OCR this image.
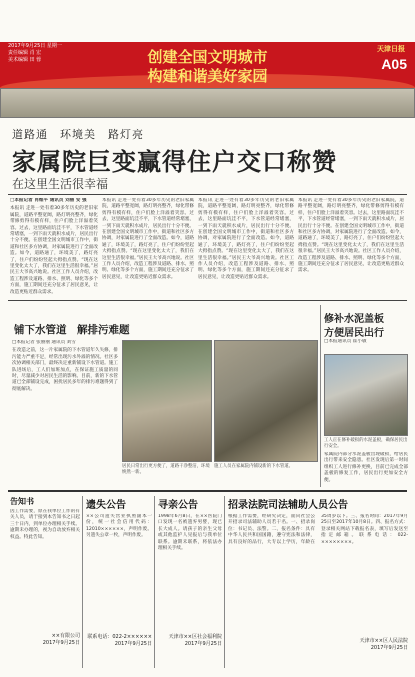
创建全国文明城市
构建和谐美好家园
2017年9月25日 星期一
责任编辑 肖 宏
美术编辑 田 蓉
天津日报
A05
道路通　环境美　路灯亮
家属院巨变赢得住户交口称赞
在这里生活很幸福
□本报记者 肖维平 通讯员 刘丽 安 强
本报讯 走进一处有着30多年历史的老旧家属院，道路平整宽阔，路灯明亮整齐，绿化带修剪得有模有样，住户们脸上洋溢着笑容。过去，这里路面坑洼不平，下水管道经常堵塞，一到下雨天就积水成片，居民出行十分不便。在创建全国文明城市工作中，街道和社区多方协调，对家属院进行了全面改造。如今，道路通了，环境美了，路灯亮了，住户们纷纷竖起大拇指点赞。“现在这里变化太大了，我们在这里生活很幸福。”居民王大爷高兴地说。社区工作人员介绍，改造工程涉及道路、排水、照明、绿化等多个方面，施工期间还充分征求了居民意见，让改造更贴近群众需求。
本报讯 走进一处有着30多年历史的老旧家属院，道路平整宽阔，路灯明亮整齐，绿化带修剪得有模有样，住户们脸上洋溢着笑容。过去，这里路面坑洼不平，下水管道经常堵塞，一到下雨天就积水成片，居民出行十分不便。在创建全国文明城市工作中，街道和社区多方协调，对家属院进行了全面改造。如今，道路通了，环境美了，路灯亮了，住户们纷纷竖起大拇指点赞。“现在这里变化太大了，我们在这里生活很幸福。”居民王大爷高兴地说。社区工作人员介绍，改造工程涉及道路、排水、照明、绿化等多个方面，施工期间还充分征求了居民意见，让改造更贴近群众需求。
本报讯 走进一处有着30多年历史的老旧家属院，道路平整宽阔，路灯明亮整齐，绿化带修剪得有模有样，住户们脸上洋溢着笑容。过去，这里路面坑洼不平，下水管道经常堵塞，一到下雨天就积水成片，居民出行十分不便。在创建全国文明城市工作中，街道和社区多方协调，对家属院进行了全面改造。如今，道路通了，环境美了，路灯亮了，住户们纷纷竖起大拇指点赞。“现在这里变化太大了，我们在这里生活很幸福。”居民王大爷高兴地说。社区工作人员介绍，改造工程涉及道路、排水、照明、绿化等多个方面，施工期间还充分征求了居民意见，让改造更贴近群众需求。
本报讯 走进一处有着30多年历史的老旧家属院，道路平整宽阔，路灯明亮整齐，绿化带修剪得有模有样，住户们脸上洋溢着笑容。过去，这里路面坑洼不平，下水管道经常堵塞，一到下雨天就积水成片，居民出行十分不便。在创建全国文明城市工作中，街道和社区多方协调，对家属院进行了全面改造。如今，道路通了，环境美了，路灯亮了，住户们纷纷竖起大拇指点赞。“现在这里变化太大了，我们在这里生活很幸福。”居民王大爷高兴地说。社区工作人员介绍，改造工程涉及道路、排水、照明、绿化等多个方面，施工期间还充分征求了居民意见，让改造更贴近群众需求。
铺下水管道　解排污难题
□本报记者 张丽丽 通讯员 刘雪
在改造之前，这一片家属院的下水管道年久失修，排污能力严重不足，经常出现污水外溢的情况。社区多次协调相关部门，最终决定重新铺设下水管道。施工队进场后，工人们加班加点，在保证施工质量的同时，尽量减少对居民生活的影响。目前，新的下水管道已全部铺设完成，困扰居民多年的排污难题得到了彻底解决。
居民日常出行更方便了，道路干净整洁，环境焕然一新。
施工人员在家属院内铺设新的下水管道。
修补水泥盖板
方便居民出行
□本报通讯员 霍小敏
工人正在修补破损的水泥盖板，确保居民出行安全。
家属院内部分水泥盖板出现破损，给居民出行带来安全隐患。社区发现后第一时间组织工人进行修补更换，目前已完成全部盖板的修复工作，居民出行更加安全方便。
告知书
因工作需要，原在我单位工作的有关人员，请于接到本告知书之日起三十日内，到单位办理相关手续。逾期未办理的，视为自动放弃相关权益。特此告知。
××有限公司
2017年9月25日
遗失公告
××公司遗失营业执照副本一份，统一社会信用代码：12010××××××，声明作废。另遗失公章一枚，声明作废。
联系电话：022-2××××××
2017年9月25日
寻亲公告
1998年6月8日，在××医院门口发现一名被遗弃男婴，现已长大成人。请孩子的亲生父母或其他监护人见报后与我单位联系。逾期未联系，将依法办理相关手续。
天津市××区社会福利院
2017年9月25日
招录法院司法辅助人员公告
根据工作需要，经研究决定，面向社会公开招录司法辅助人员若干名。一、招录岗位：书记员、法警。二、报名条件：具有中华人民共和国国籍，遵守宪法和法律，具有良好的品行，大专以上学历，年龄在35周岁以下。三、报名时间：2017年9月25日至2017年10月8日。四、报名方式：登录相关网站下载报名表，填写后发送至指定邮箱。联系电话：022-××××××××。
天津市××区人民法院
2017年9月25日
